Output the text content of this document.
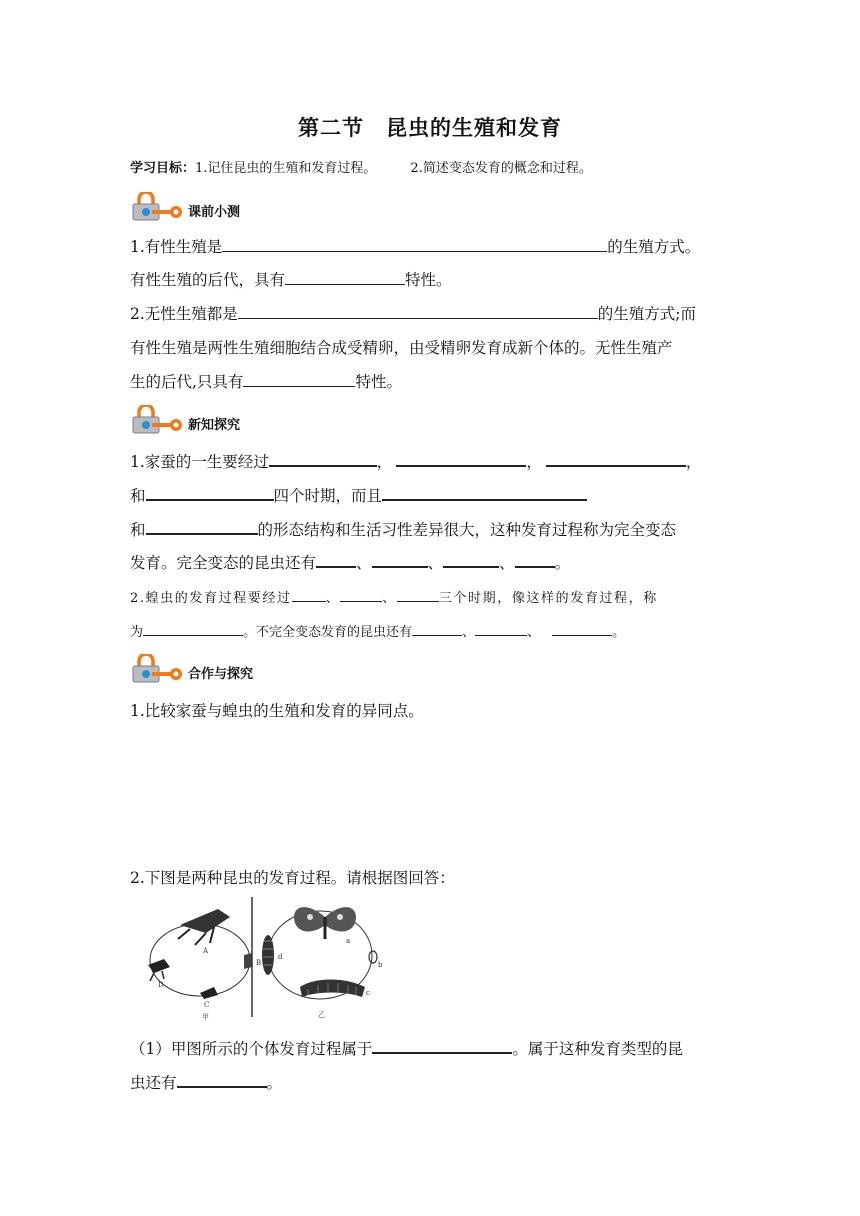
第二节　昆虫的生殖和发育
学习目标：1.记住昆虫的生殖和发育过程。	2.简述变态发育的概念和过程。
课前小测
1.有性生殖是	的生殖方式。
有性生殖的后代，具有	特性。
2.无性生殖都是	的生殖方式;而
有性生殖是两性生殖细胞结合成受精卵，由受精卵发育成新个体的。无性生殖产
生的后代,只具有	特性。
新知探究
1.家蚕的一生要经过	，	，	，
和	四个时期，而且
和	的形态结构和生活习性差异很大，这种发育过程称为完全变态
发育。完全变态的昆虫还有	、	、	、	。
2.蝗虫的发育过程要经过	、	、	三个时期，像这样的发育过程，称
为	。不完全变态发育的昆虫还有	、	、	。
合作与探究
1.比较家蚕与蝗虫的生殖和发育的异同点。
2.下图是两种昆虫的发育过程。请根据图回答：
A
B
C
D
甲
a
b
c
d
乙
（1）甲图所示的个体发育过程属于	。属于这种发育类型的昆
虫还有	。
